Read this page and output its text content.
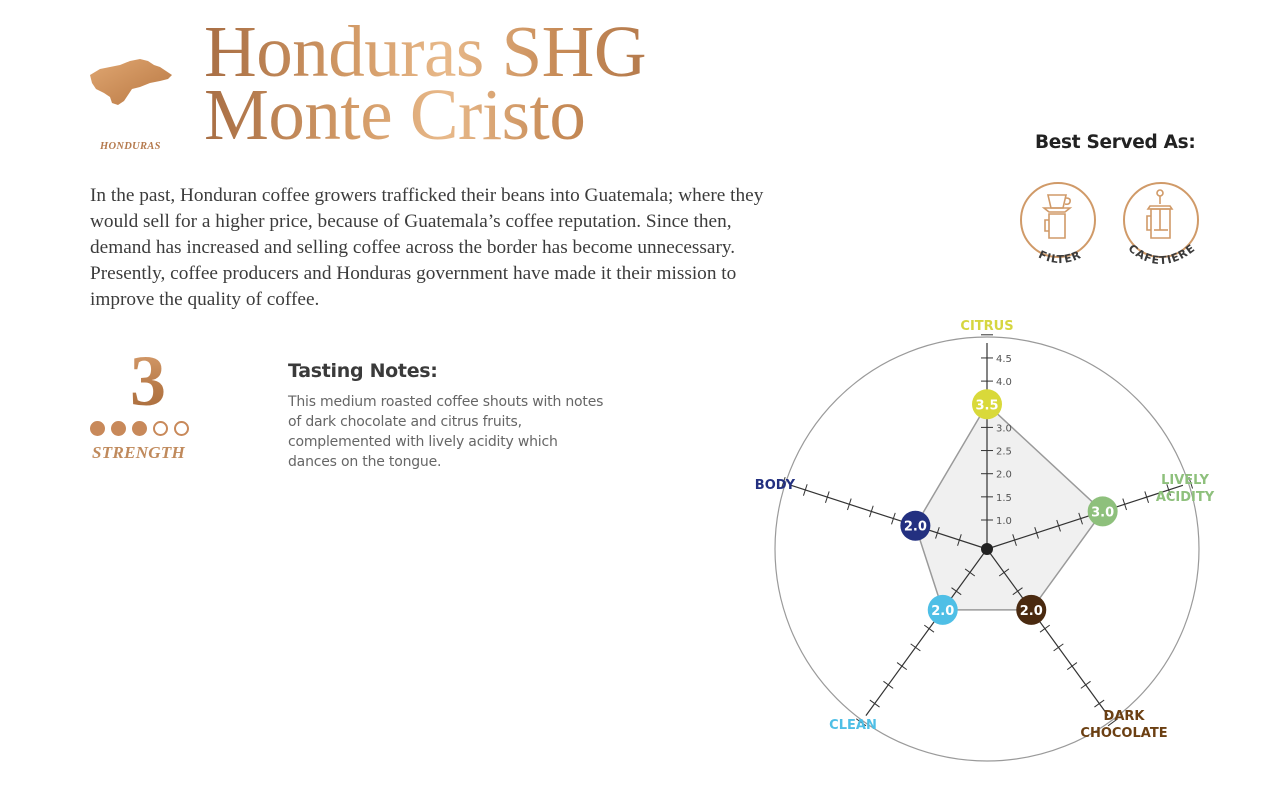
HONDURAS
Honduras SHG
Monte Cristo
In the past, Honduran coffee growers trafficked their beans into Guatemala; where they would sell for a higher price, because of Guatemala’s coffee reputation. Since then, demand has increased and selling coffee across the border has become unnecessary. Presently, coffee producers and Honduras government have made it their mission to improve the quality of coffee.
3
STRENGTH
Tasting Notes:
This medium roasted coffee shouts with notes of dark chocolate and citrus fruits, complemented with lively acidity which dances on the tongue.
Best Served As:
FILTER	CAFETIERE
1.0
1.5
2.0
2.5
3.0
4.0
4.5
3.5
3.0
2.0
2.0
2.0
CITRUS
LIVELY ACIDITY
DARK CHOCOLATE
CLEAN
BODY
